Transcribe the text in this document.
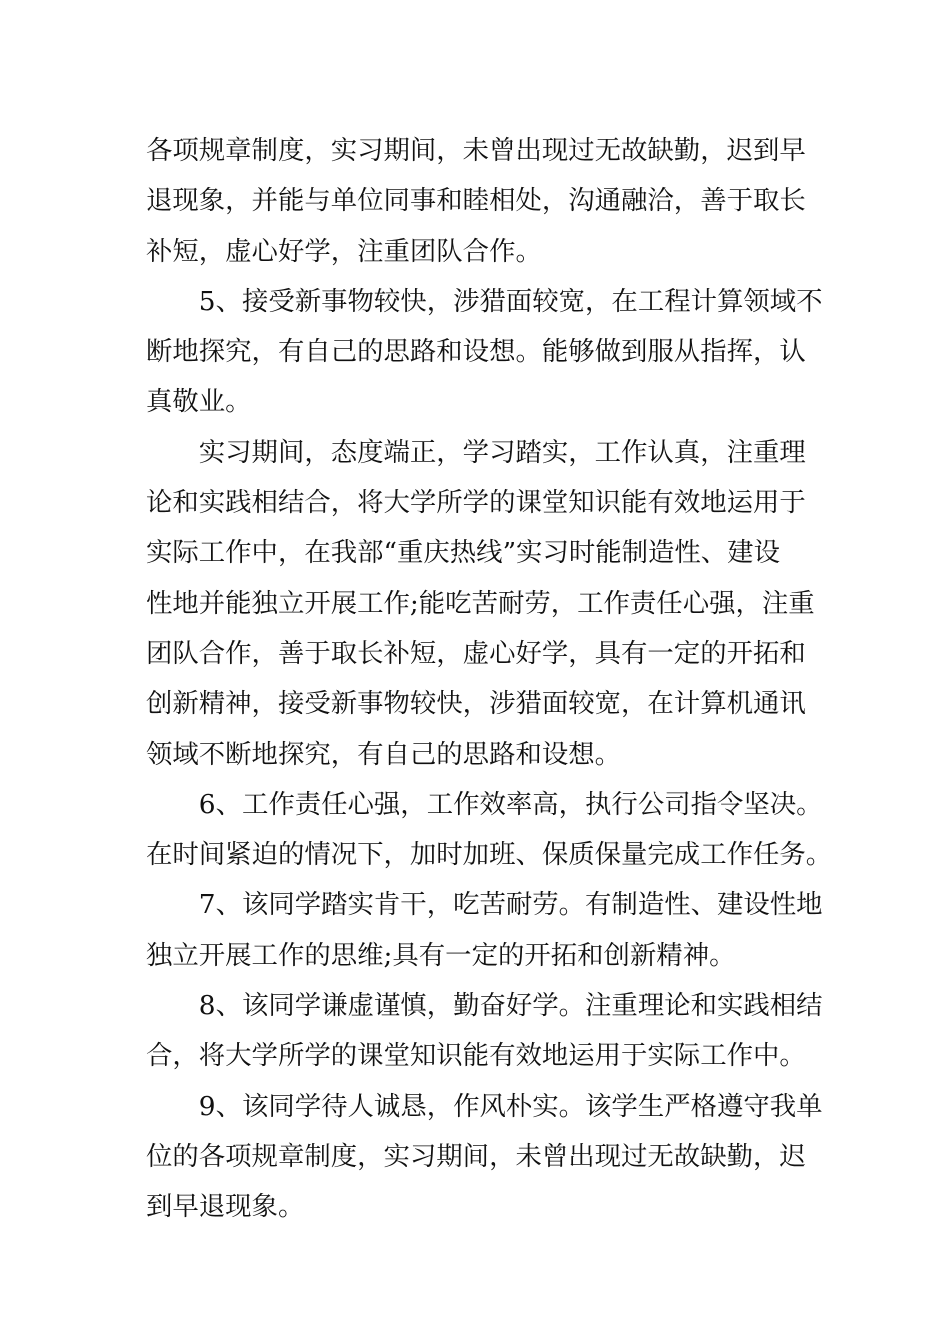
各项规章制度，实习期间，未曾出现过无故缺勤，迟到早
退现象，并能与单位同事和睦相处，沟通融洽，善于取长
补短，虚心好学，注重团队合作。

　　5、接受新事物较快，涉猎面较宽，在工程计算领域不
断地探究，有自己的思路和设想。能够做到服从指挥，认
真敬业。

　　实习期间，态度端正，学习踏实，工作认真，注重理
论和实践相结合，将大学所学的课堂知识能有效地运用于
实际工作中，在我部“重庆热线”实习时能制造性、建设
性地并能独立开展工作;能吃苦耐劳，工作责任心强，注重
团队合作，善于取长补短，虚心好学，具有一定的开拓和
创新精神，接受新事物较快，涉猎面较宽，在计算机通讯
领域不断地探究，有自己的思路和设想。

　　6、工作责任心强，工作效率高，执行公司指令坚决。
在时间紧迫的情况下，加时加班、保质保量完成工作任务。

　　7、该同学踏实肯干，吃苦耐劳。有制造性、建设性地
独立开展工作的思维;具有一定的开拓和创新精神。

　　8、该同学谦虚谨慎，勤奋好学。注重理论和实践相结
合，将大学所学的课堂知识能有效地运用于实际工作中。

　　9、该同学待人诚恳，作风朴实。该学生严格遵守我单
位的各项规章制度，实习期间，未曾出现过无故缺勤，迟
到早退现象。
